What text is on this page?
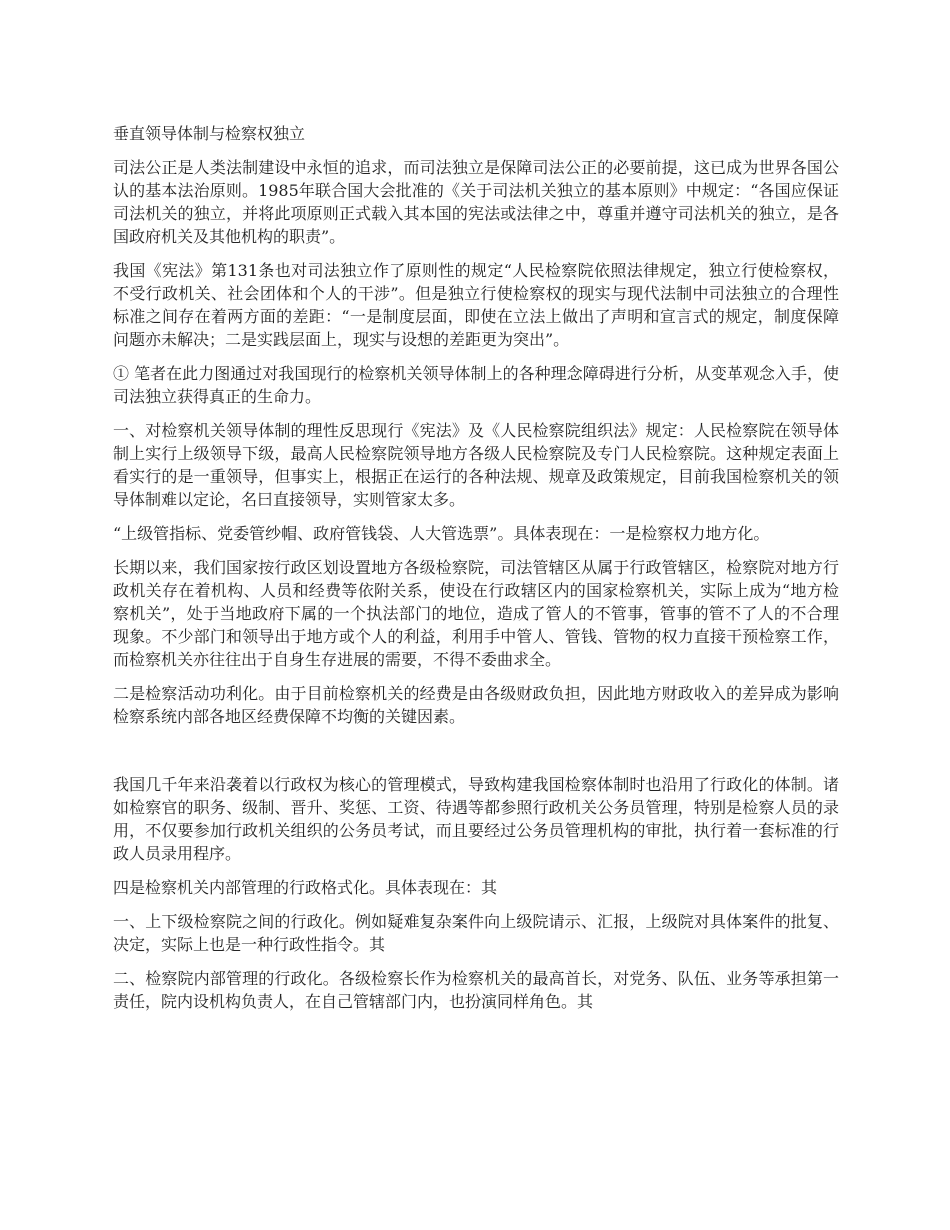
垂直领导体制与检察权独立

司法公正是人类法制建设中永恒的追求，而司法独立是保障司法公正的必要前提，这已成为世界各国公认的基本法治原则。1985年联合国大会批准的《关于司法机关独立的基本原则》中规定：“各国应保证司法机关的独立，并将此项原则正式载入其本国的宪法或法律之中，尊重并遵守司法机关的独立，是各国政府机关及其他机构的职责”。

我国《宪法》第131条也对司法独立作了原则性的规定“人民检察院依照法律规定，独立行使检察权，不受行政机关、社会团体和个人的干涉”。但是独立行使检察权的现实与现代法制中司法独立的合理性标准之间存在着两方面的差距：“一是制度层面，即使在立法上做出了声明和宣言式的规定，制度保障问题亦未解决；二是实践层面上，现实与设想的差距更为突出”。

① 笔者在此力图通过对我国现行的检察机关领导体制上的各种理念障碍进行分析，从变革观念入手，使司法独立获得真正的生命力。

一、对检察机关领导体制的理性反思现行《宪法》及《人民检察院组织法》规定：人民检察院在领导体制上实行上级领导下级，最高人民检察院领导地方各级人民检察院及专门人民检察院。这种规定表面上看实行的是一重领导，但事实上，根据正在运行的各种法规、规章及政策规定，目前我国检察机关的领导体制难以定论，名曰直接领导，实则管家太多。

“上级管指标、党委管纱帽、政府管钱袋、人大管选票”。具体表现在：一是检察权力地方化。

长期以来，我们国家按行政区划设置地方各级检察院，司法管辖区从属于行政管辖区，检察院对地方行政机关存在着机构、人员和经费等依附关系，使设在行政辖区内的国家检察机关，实际上成为“地方检察机关”，处于当地政府下属的一个执法部门的地位，造成了管人的不管事，管事的管不了人的不合理现象。不少部门和领导出于地方或个人的利益，利用手中管人、管钱、管物的权力直接干预检察工作，而检察机关亦往往出于自身生存进展的需要，不得不委曲求全。

二是检察活动功利化。由于目前检察机关的经费是由各级财政负担，因此地方财政收入的差异成为影响检察系统内部各地区经费保障不均衡的关键因素。

我国几千年来沿袭着以行政权为核心的管理模式，导致构建我国检察体制时也沿用了行政化的体制。诸如检察官的职务、级制、晋升、奖惩、工资、待遇等都参照行政机关公务员管理，特别是检察人员的录用，不仅要参加行政机关组织的公务员考试，而且要经过公务员管理机构的审批，执行着一套标准的行政人员录用程序。

四是检察机关内部管理的行政格式化。具体表现在：其

一、上下级检察院之间的行政化。例如疑难复杂案件向上级院请示、汇报，上级院对具体案件的批复、决定，实际上也是一种行政性指令。其

二、检察院内部管理的行政化。各级检察长作为检察机关的最高首长，对党务、队伍、业务等承担第一责任，院内设机构负责人，在自己管辖部门内，也扮演同样角色。其
